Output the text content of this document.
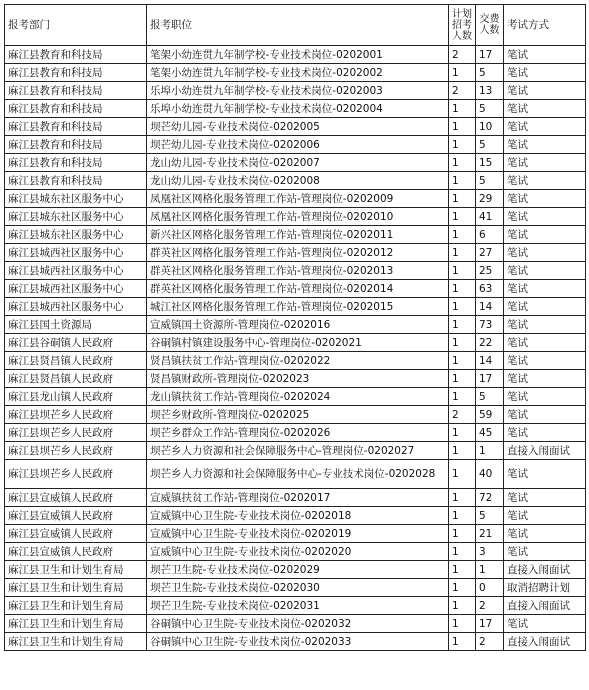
报考部门	报考职位	计划招考人数	交费人数	考试方式
麻江县教育和科技局	笔架小幼连贯九年制学校-专业技术岗位-0202001	2	17	笔试
麻江县教育和科技局	笔架小幼连贯九年制学校-专业技术岗位-0202002	1	5	笔试
麻江县教育和科技局	乐埠小幼连贯九年制学校-专业技术岗位-0202003	2	13	笔试
麻江县教育和科技局	乐埠小幼连贯九年制学校-专业技术岗位-0202004	1	5	笔试
麻江县教育和科技局	坝芒幼儿园-专业技术岗位-0202005	1	10	笔试
麻江县教育和科技局	坝芒幼儿园-专业技术岗位-0202006	1	5	笔试
麻江县教育和科技局	龙山幼儿园-专业技术岗位-0202007	1	15	笔试
麻江县教育和科技局	龙山幼儿园-专业技术岗位-0202008	1	5	笔试
麻江县城东社区服务中心	凤凰社区网格化服务管理工作站-管理岗位-0202009	1	29	笔试
麻江县城东社区服务中心	凤凰社区网格化服务管理工作站-管理岗位-0202010	1	41	笔试
麻江县城东社区服务中心	新兴社区网格化服务管理工作站-管理岗位-0202011	1	6	笔试
麻江县城西社区服务中心	群英社区网格化服务管理工作站-管理岗位-0202012	1	27	笔试
麻江县城西社区服务中心	群英社区网格化服务管理工作站-管理岗位-0202013	1	25	笔试
麻江县城西社区服务中心	群英社区网格化服务管理工作站-管理岗位-0202014	1	63	笔试
麻江县城西社区服务中心	城江社区网格化服务管理工作站-管理岗位-0202015	1	14	笔试
麻江县国土资源局	宣威镇国土资源所-管理岗位-0202016	1	73	笔试
麻江县谷硐镇人民政府	谷硐镇村镇建设服务中心-管理岗位-0202021	1	22	笔试
麻江县贤昌镇人民政府	贤昌镇扶贫工作站-管理岗位-0202022	1	14	笔试
麻江县贤昌镇人民政府	贤昌镇财政所-管理岗位-0202023	1	17	笔试
麻江县龙山镇人民政府	龙山镇扶贫工作站-管理岗位-0202024	1	5	笔试
麻江县坝芒乡人民政府	坝芒乡财政所-管理岗位-0202025	2	59	笔试
麻江县坝芒乡人民政府	坝芒乡群众工作站-管理岗位-0202026	1	45	笔试
麻江县坝芒乡人民政府	坝芒乡人力资源和社会保障服务中心-管理岗位-0202027	1	1	直接入闱面试
麻江县坝芒乡人民政府	坝芒乡人力资源和社会保障服务中心-专业技术岗位-0202028	1	40	笔试
麻江县宣威镇人民政府	宣威镇扶贫工作站-管理岗位-0202017	1	72	笔试
麻江县宣威镇人民政府	宣威镇中心卫生院-专业技术岗位-0202018	1	5	笔试
麻江县宣威镇人民政府	宣威镇中心卫生院-专业技术岗位-0202019	1	21	笔试
麻江县宣威镇人民政府	宣威镇中心卫生院-专业技术岗位-0202020	1	3	笔试
麻江县卫生和计划生育局	坝芒卫生院-专业技术岗位-0202029	1	1	直接入闱面试
麻江县卫生和计划生育局	坝芒卫生院-专业技术岗位-0202030	1	0	取消招聘计划
麻江县卫生和计划生育局	坝芒卫生院-专业技术岗位-0202031	1	2	直接入闱面试
麻江县卫生和计划生育局	谷硐镇中心卫生院-专业技术岗位-0202032	1	17	笔试
麻江县卫生和计划生育局	谷硐镇中心卫生院-专业技术岗位-0202033	1	2	直接入闱面试
